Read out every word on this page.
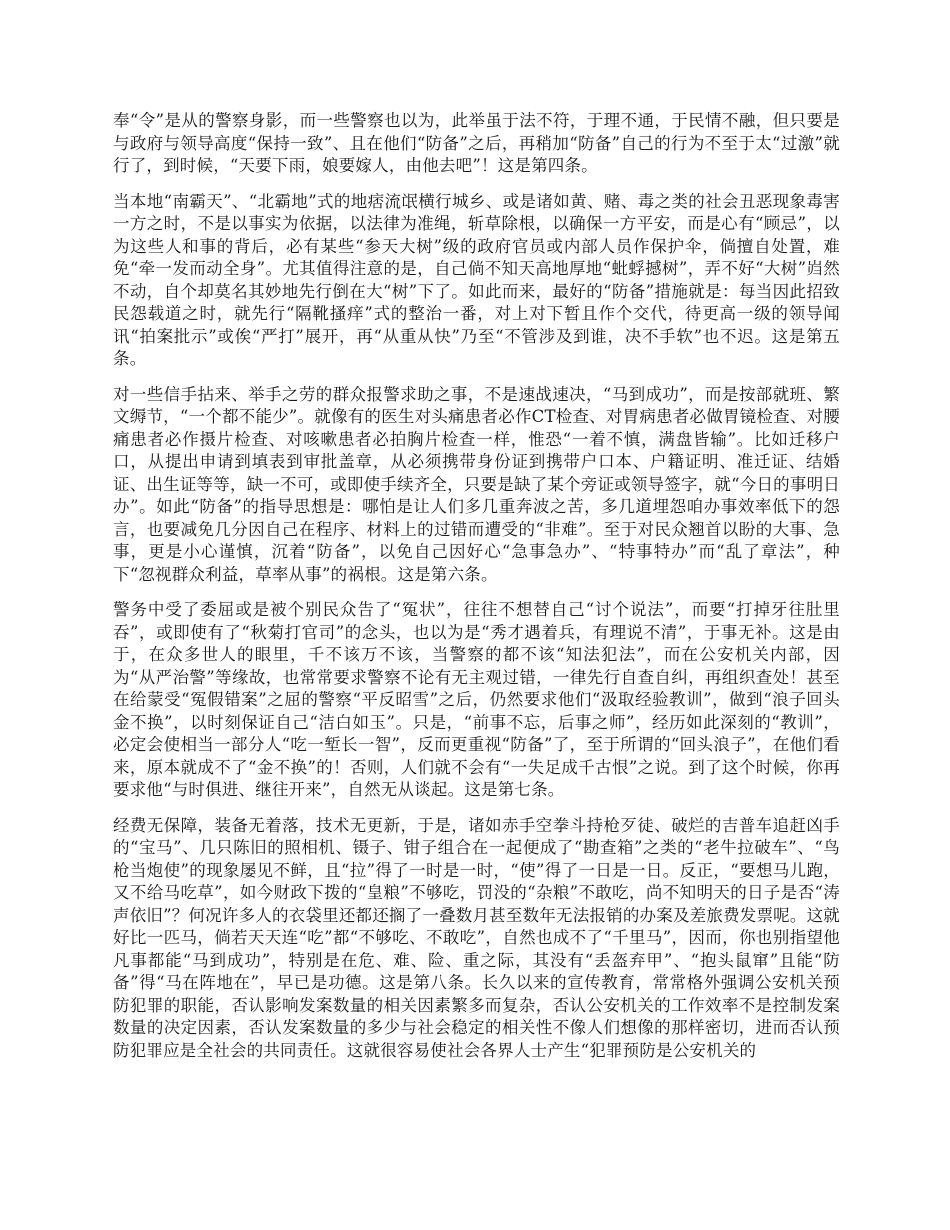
奉“令”是从的警察身影，而一些警察也以为，此举虽于法不符，于理不通，于民情不融，但只要是与政府与领导高度“保持一致”、且在他们“防备”之后，再稍加“防备”自己的行为不至于太“过激”就行了，到时候，“天要下雨，娘要嫁人，由他去吧”！这是第四条。

当本地“南霸天”、“北霸地”式的地痞流氓横行城乡、或是诸如黄、赌、毒之类的社会丑恶现象毒害一方之时，不是以事实为依据，以法律为准绳，斩草除根，以确保一方平安，而是心有“顾忌”，以为这些人和事的背后，必有某些“参天大树”级的政府官员或内部人员作保护伞，倘擅自处置，难免“牵一发而动全身”。尤其值得注意的是，自己倘不知天高地厚地“蚍蜉撼树”，弄不好“大树”岿然不动，自个却莫名其妙地先行倒在大“树”下了。如此而来，最好的“防备”措施就是：每当因此招致民怨载道之时，就先行“隔靴搔痒”式的整治一番，对上对下暂且作个交代，待更高一级的领导闻讯“拍案批示”或俟“严打”展开，再“从重从快”乃至“不管涉及到谁，决不手软”也不迟。这是第五条。

对一些信手拈来、举手之劳的群众报警求助之事，不是速战速决，“马到成功”，而是按部就班、繁文缛节，“一个都不能少”。就像有的医生对头痛患者必作CT检查、对胃病患者必做胃镜检查、对腰痛患者必作摄片检查、对咳嗽患者必拍胸片检查一样，惟恐“一着不慎，满盘皆输”。比如迁移户口，从提出申请到填表到审批盖章，从必须携带身份证到携带户口本、户籍证明、准迁证、结婚证、出生证等等，缺一不可，或即使手续齐全，只要是缺了某个旁证或领导签字，就“今日的事明日办”。如此“防备”的指导思想是：哪怕是让人们多几重奔波之苦，多几道埋怨咱办事效率低下的怨言，也要减免几分因自己在程序、材料上的过错而遭受的“非难”。至于对民众翘首以盼的大事、急事，更是小心谨慎，沉着“防备”，以免自己因好心“急事急办”、“特事特办”而“乱了章法”，种下“忽视群众利益，草率从事”的祸根。这是第六条。

警务中受了委屈或是被个别民众告了“冤状”，往往不想替自己“讨个说法”，而要“打掉牙往肚里吞”，或即使有了“秋菊打官司”的念头，也以为是“秀才遇着兵，有理说不清”，于事无补。这是由于，在众多世人的眼里，千不该万不该，当警察的都不该“知法犯法”，而在公安机关内部，因为“从严治警”等缘故，也常常要求警察不论有无主观过错，一律先行自查自纠，再组织查处！甚至在给蒙受“冤假错案”之屈的警察“平反昭雪”之后，仍然要求他们“汲取经验教训”，做到“浪子回头金不换”，以时刻保证自己“洁白如玉”。只是，“前事不忘，后事之师”，经历如此深刻的“教训”，必定会使相当一部分人“吃一堑长一智”，反而更重视“防备”了，至于所谓的“回头浪子”，在他们看来，原本就成不了“金不换”的！否则，人们就不会有“一失足成千古恨”之说。到了这个时候，你再要求他“与时俱进、继往开来”，自然无从谈起。这是第七条。

经费无保障，装备无着落，技术无更新，于是，诸如赤手空拳斗持枪歹徒、破烂的吉普车追赶凶手的“宝马”、几只陈旧的照相机、镊子、钳子组合在一起便成了“勘查箱”之类的“老牛拉破车”、“鸟枪当炮使”的现象屡见不鲜，且“拉”得了一时是一时，“使”得了一日是一日。反正，“要想马儿跑，又不给马吃草”，如今财政下拨的“皇粮”不够吃，罚没的“杂粮”不敢吃，尚不知明天的日子是否“涛声依旧”？何况许多人的衣袋里还都还搁了一叠数月甚至数年无法报销的办案及差旅费发票呢。这就好比一匹马，倘若天天连“吃”都“不够吃、不敢吃”，自然也成不了“千里马”，因而，你也别指望他凡事都能“马到成功”，特别是在危、难、险、重之际，其没有“丢盔弃甲”、“抱头鼠窜”且能“防备”得“马在阵地在”，早已是功德。这是第八条。长久以来的宣传教育，常常格外强调公安机关预防犯罪的职能，否认影响发案数量的相关因素繁多而复杂，否认公安机关的工作效率不是控制发案数量的决定因素，否认发案数量的多少与社会稳定的相关性不像人们想像的那样密切，进而否认预防犯罪应是全社会的共同责任。这就很容易使社会各界人士产生“犯罪预防是公安机关的
